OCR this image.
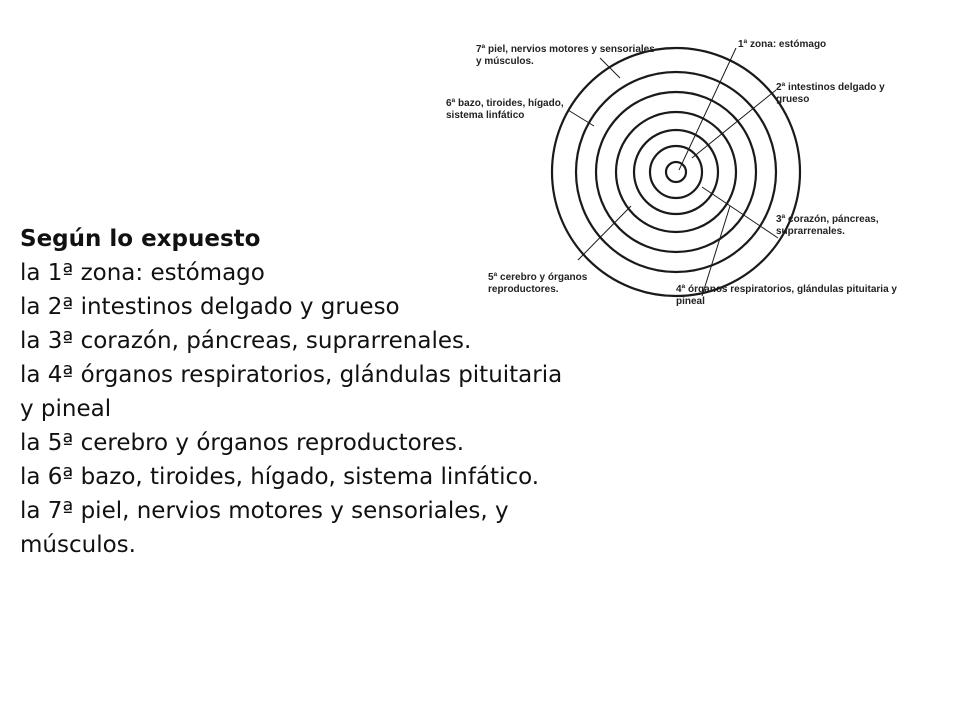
1ª zona: estómago
2ª intestinos delgado y grueso
3ª corazón, páncreas, suprarrenales.
4ª órganos respiratorios, glándulas pituitaria y pineal
5ª cerebro y órganos reproductores.
6ª bazo, tiroides, hígado, sistema linfático
7ª piel, nervios motores y sensoriales y músculos.
Según lo expuesto
la 1ª zona: estómago
la 2ª intestinos delgado y grueso
la 3ª corazón, páncreas, suprarrenales.
la 4ª órganos respiratorios, glándulas pituitaria
y pineal
la 5ª cerebro y órganos reproductores.
la 6ª bazo, tiroides, hígado, sistema linfático.
la 7ª piel, nervios motores y sensoriales, y
músculos.
